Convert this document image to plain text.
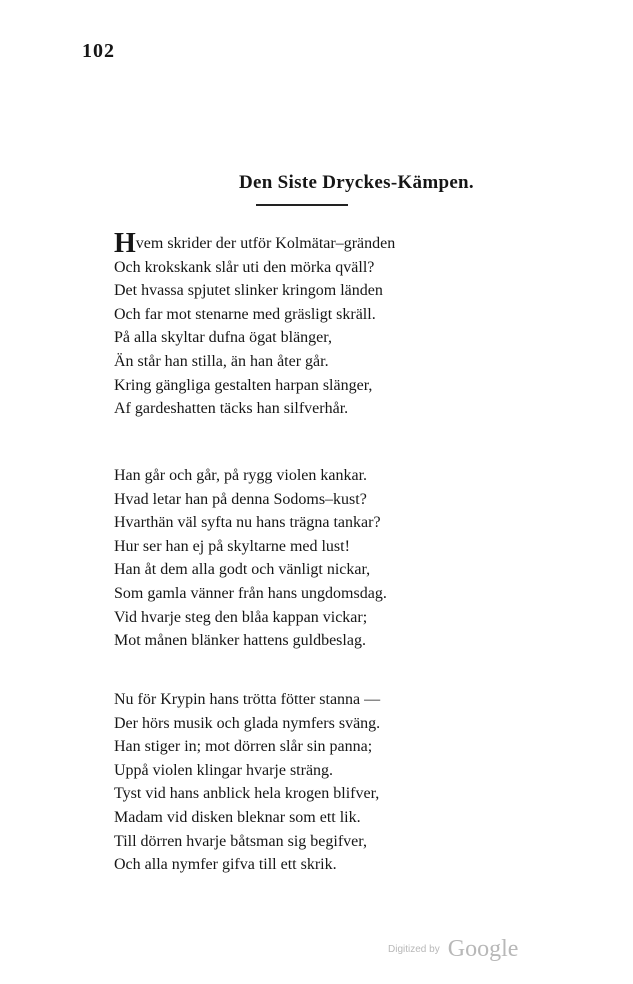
102
Den Siste Dryckes-Kämpen.
Hvem skrider der utför Kolmätar–gränden
Och krokskank slår uti den mörka qväll?
Det hvassa spjutet slinker kringom länden
Och far mot stenarne med gräsligt skräll.
På alla skyltar dufna ögat blänger,
Än står han stilla, än han åter går.
Kring gängliga gestalten harpan slänger,
Af gardeshatten täcks han silfverhår.
Han går och går, på rygg violen kankar.
Hvad letar han på denna Sodoms–kust?
Hvarthän väl syfta nu hans trägna tankar?
Hur ser han ej på skyltarne med lust!
Han åt dem alla godt och vänligt nickar,
Som gamla vänner från hans ungdomsdag.
Vid hvarje steg den blåa kappan vickar;
Mot månen blänker hattens guldbeslag.
Nu för Krypin hans trötta fötter stanna —
Der hörs musik och glada nymfers sväng.
Han stiger in; mot dörren slår sin panna;
Uppå violen klingar hvarje sträng.
Tyst vid hans anblick hela krogen blifver,
Madam vid disken bleknar som ett lik.
Till dörren hvarje båtsman sig begifver,
Och alla nymfer gifva till ett skrik.
Digitized by Google
